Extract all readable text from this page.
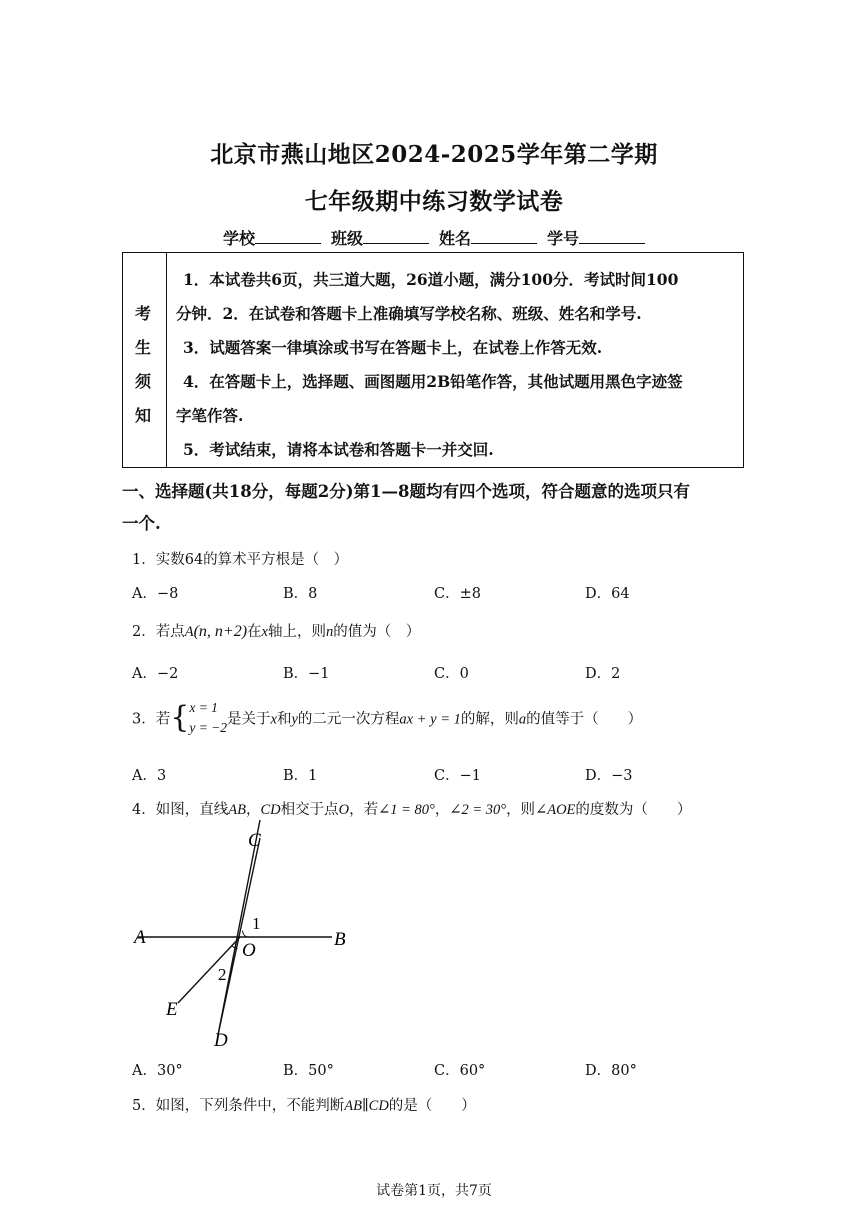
北京市燕山地区2024-2025学年第二学期
七年级期中练习数学试卷
学校	班级	姓名	学号
考
生
须
知

1．本试卷共6页，共三道大题，26道小题，满分100分．考试时间100

分钟．2．在试卷和答题卡上准确填写学校名称、班级、姓名和学号.

3．试题答案一律填涂或书写在答题卡上，在试卷上作答无效.

4．在答题卡上，选择题、画图题用2B铅笔作答，其他试题用黑色字迹签

字笔作答.

5．考试结束，请将本试卷和答题卡一并交回.

一、选择题(共18分，每题2分)第1—8题均有四个选项，符合题意的选项只有
一个.
1．实数64的算术平方根是（　）
A．−8	B．8	C．±8	D．64
2．若点A(n, n+2)在x轴上，则n的值为（　）
A．−2	B．−1	C．0	D．2
3．若{x = 1
y = −2是关于x和y的二元一次方程ax + y = 1的解，则a的值等于（　　）
A．3	B．1	C．−1	D．−3
4．如图，直线AB，CD相交于点O，若∠1 = 80°，∠2 = 30°，则∠AOE的度数为（　　）
C
A	B
O
1
2
E
D
A．30°	B．50°	C．60°	D．80°
5．如图，下列条件中，不能判断AB∥CD的是（　　）
试卷第1页，共7页
